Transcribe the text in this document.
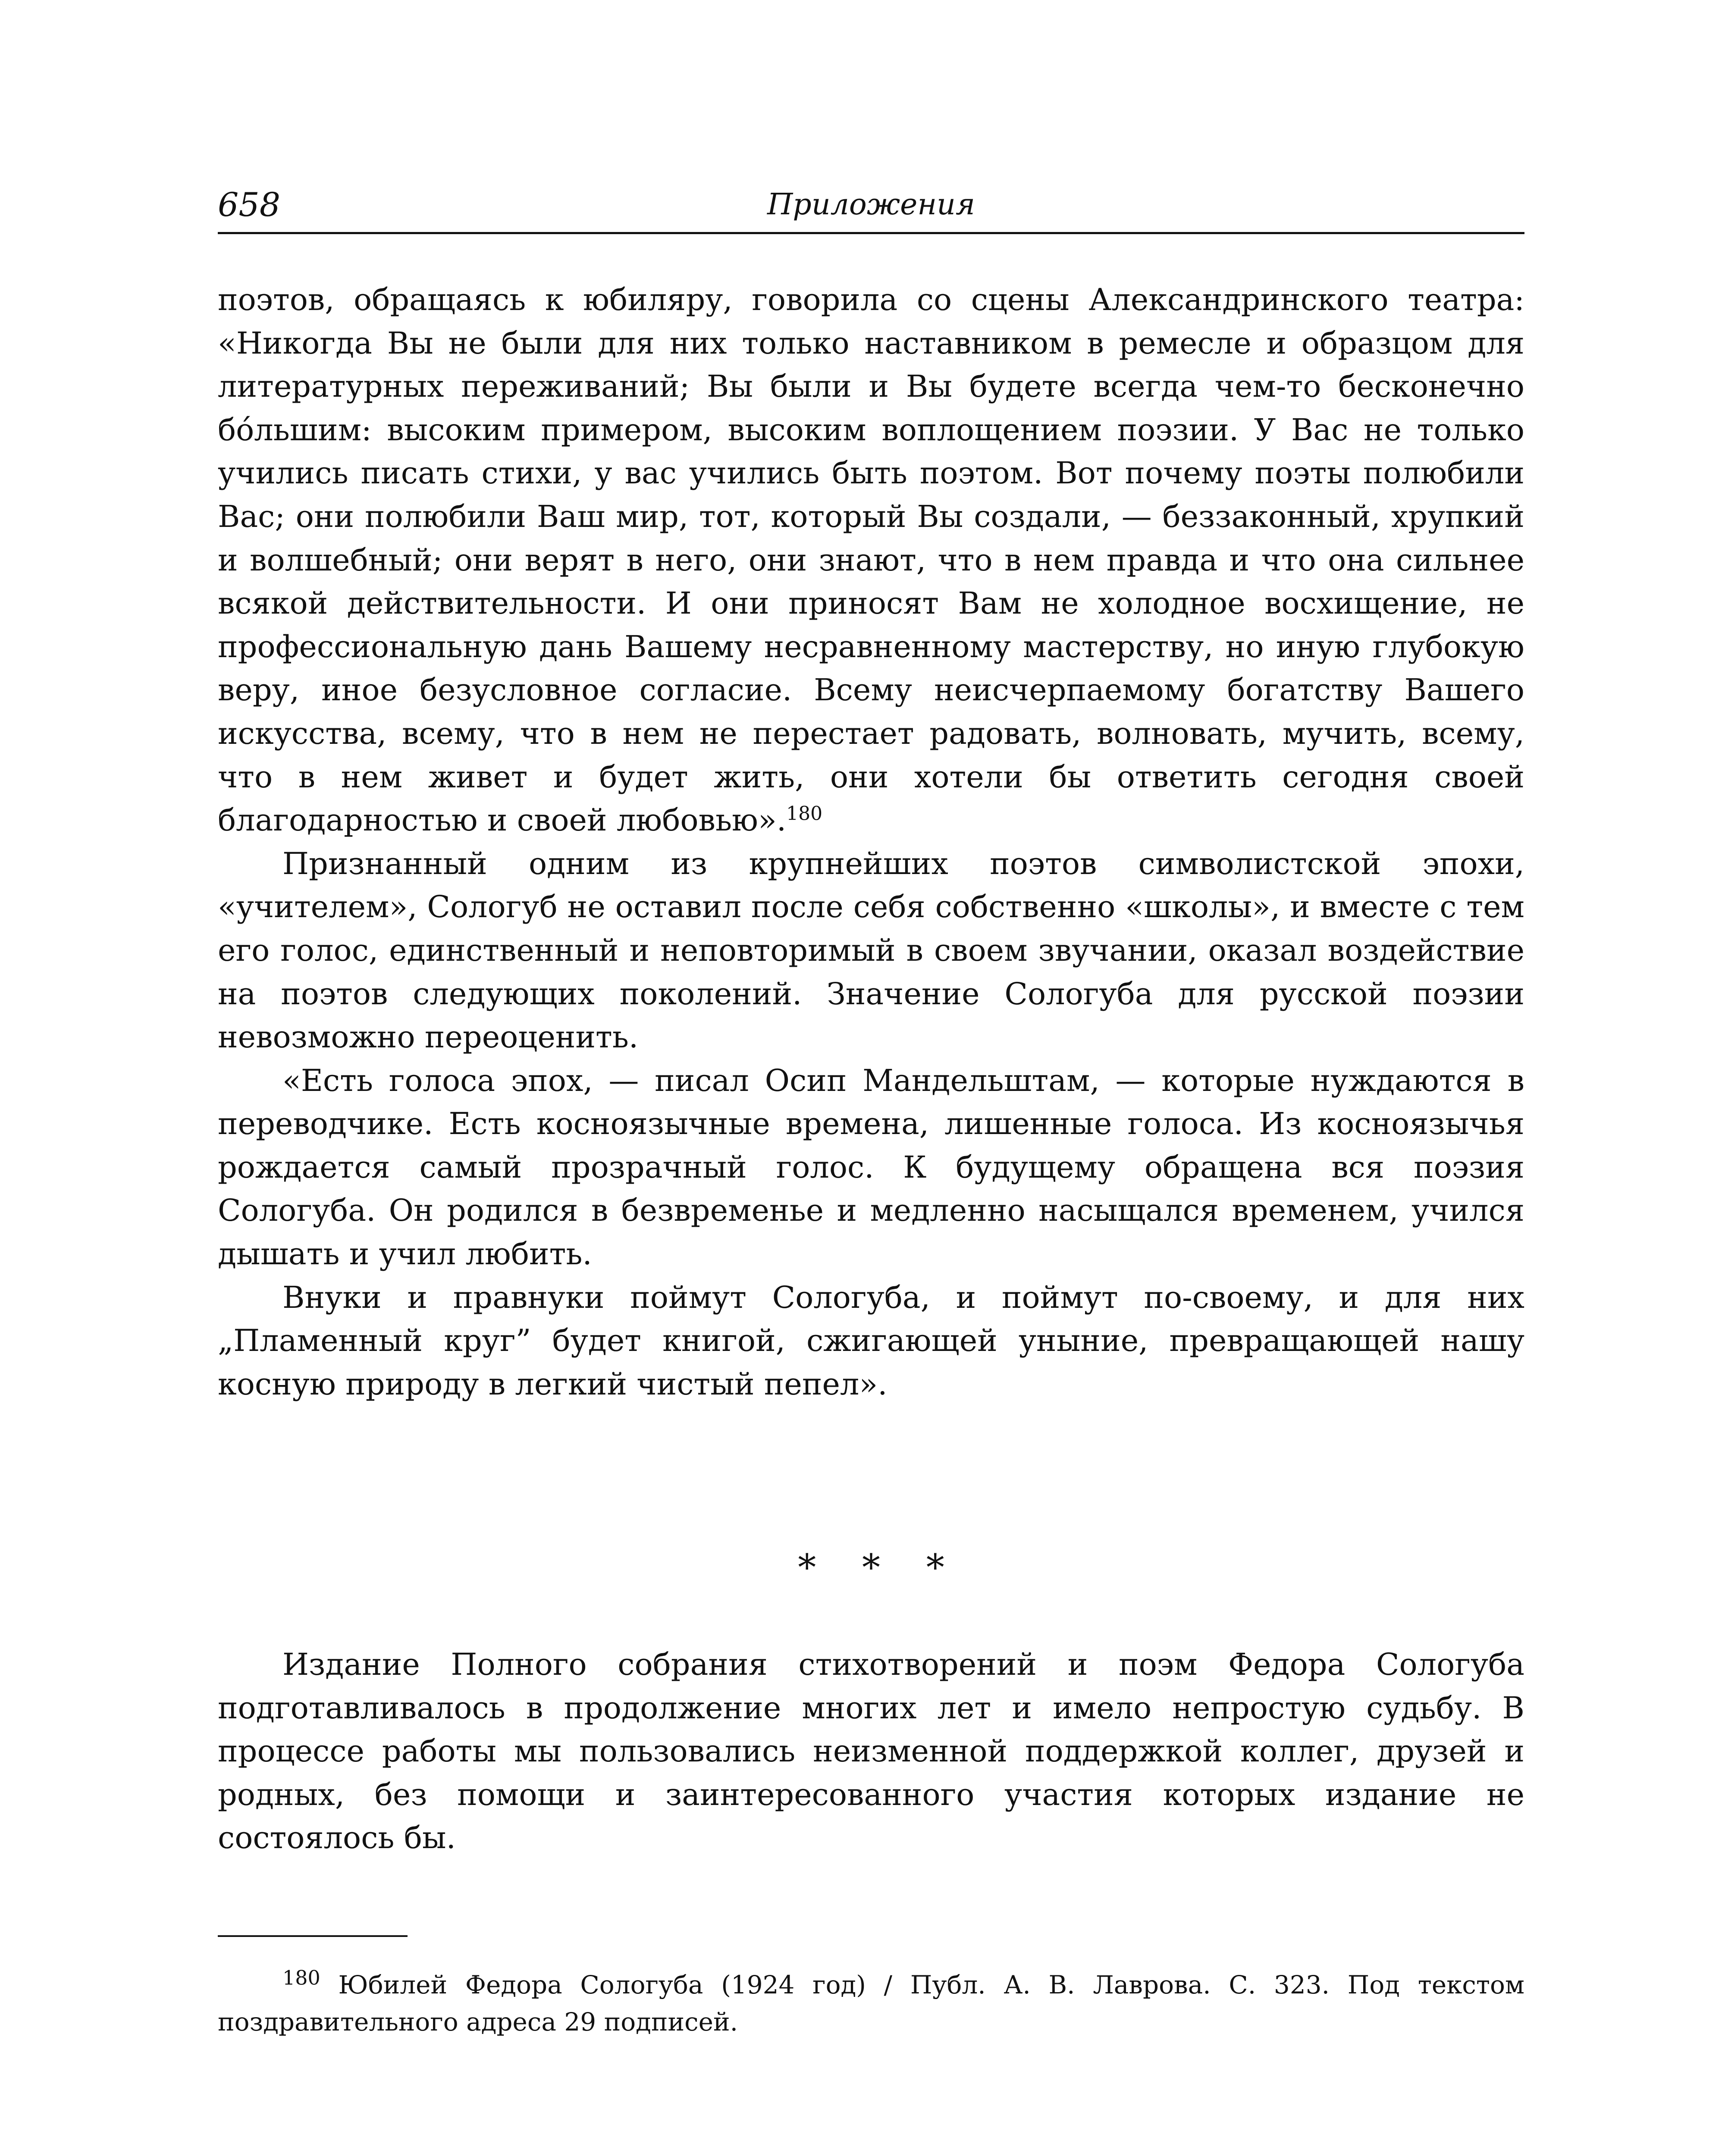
658	Приложения

поэтов, обращаясь к юбиляру, говорила со сцены Александринского театра: «Никогда Вы не были для них только наставником в ремесле и образцом для литературных переживаний; Вы были и Вы будете всегда чем-то бесконечно бóльшим: высоким примером, высоким воплощением поэзии. У Вас не только учились писать стихи, у вас учились быть поэтом. Вот почему поэты полюбили Вас; они полюбили Ваш мир, тот, который Вы создали, — беззаконный, хрупкий и волшебный; они верят в него, они знают, что в нем правда и что она сильнее всякой действительности. И они приносят Вам не холодное восхищение, не профессиональную дань Вашему несравненному мастерству, но иную глубокую веру, иное безусловное согласие. Всему неисчерпаемому богатству Вашего искусства, всему, что в нем не перестает радовать, волновать, мучить, всему, что в нем живет и будет жить, они хотели бы ответить сегодня своей благодарностью и своей любовью».$^{180}$

Признанный одним из крупнейших поэтов символистской эпохи, «учителем», Сологуб не оставил после себя собственно «школы», и вместе с тем его голос, единственный и неповторимый в своем звучании, оказал воздействие на поэтов следующих поколений. Значение Сологуба для русской поэзии невозможно переоценить.

«Есть голоса эпох, — писал Осип Мандельштам, — которые нуждаются в переводчике. Есть косноязычные времена, лишенные голоса. Из косноязычья рождается самый прозрачный голос. К будущему обращена вся поэзия Сологуба. Он родился в безвременье и медленно насыщался временем, учился дышать и учил любить.

Внуки и правнуки поймут Сологуба, и поймут по-своему, и для них „Пламенный круг” будет книгой, сжигающей уныние, превращающей нашу косную природу в легкий чистый пепел».

* * *

Издание Полного собрания стихотворений и поэм Федора Сологуба подготавливалось в продолжение многих лет и имело непростую судьбу. В процессе работы мы пользовались неизменной поддержкой коллег, друзей и родных, без помощи и заинтересованного участия которых издание не состоялось бы.

$^{180}$ Юбилей Федора Сологуба (1924 год) / Публ. А. В. Лаврова. С. 323. Под текстом поздравительного адреса 29 подписей.
